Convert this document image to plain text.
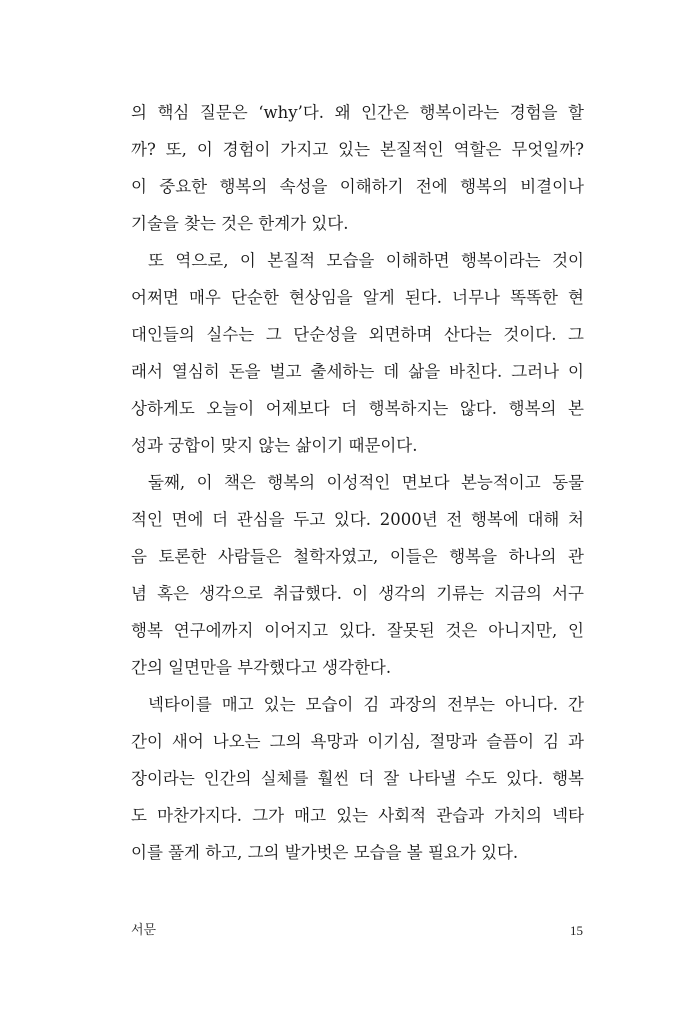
의 핵심 질문은 ‘why’다. 왜 인간은 행복이라는 경험을 할
까? 또, 이 경험이 가지고 있는 본질적인 역할은 무엇일까?
이 중요한 행복의 속성을 이해하기 전에 행복의 비결이나
기술을 찾는 것은 한계가 있다.
또 역으로, 이 본질적 모습을 이해하면 행복이라는 것이
어쩌면 매우 단순한 현상임을 알게 된다. 너무나 똑똑한 현
대인들의 실수는 그 단순성을 외면하며 산다는 것이다. 그
래서 열심히 돈을 벌고 출세하는 데 삶을 바친다. 그러나 이
상하게도 오늘이 어제보다 더 행복하지는 않다. 행복의 본
성과 궁합이 맞지 않는 삶이기 때문이다.
둘째, 이 책은 행복의 이성적인 면보다 본능적이고 동물
적인 면에 더 관심을 두고 있다. 2000년 전 행복에 대해 처
음 토론한 사람들은 철학자였고, 이들은 행복을 하나의 관
념 혹은 생각으로 취급했다. 이 생각의 기류는 지금의 서구
행복 연구에까지 이어지고 있다. 잘못된 것은 아니지만, 인
간의 일면만을 부각했다고 생각한다.
넥타이를 매고 있는 모습이 김 과장의 전부는 아니다. 간
간이 새어 나오는 그의 욕망과 이기심, 절망과 슬픔이 김 과
장이라는 인간의 실체를 훨씬 더 잘 나타낼 수도 있다. 행복
도 마찬가지다. 그가 매고 있는 사회적 관습과 가치의 넥타
이를 풀게 하고, 그의 발가벗은 모습을 볼 필요가 있다.
서문	15
